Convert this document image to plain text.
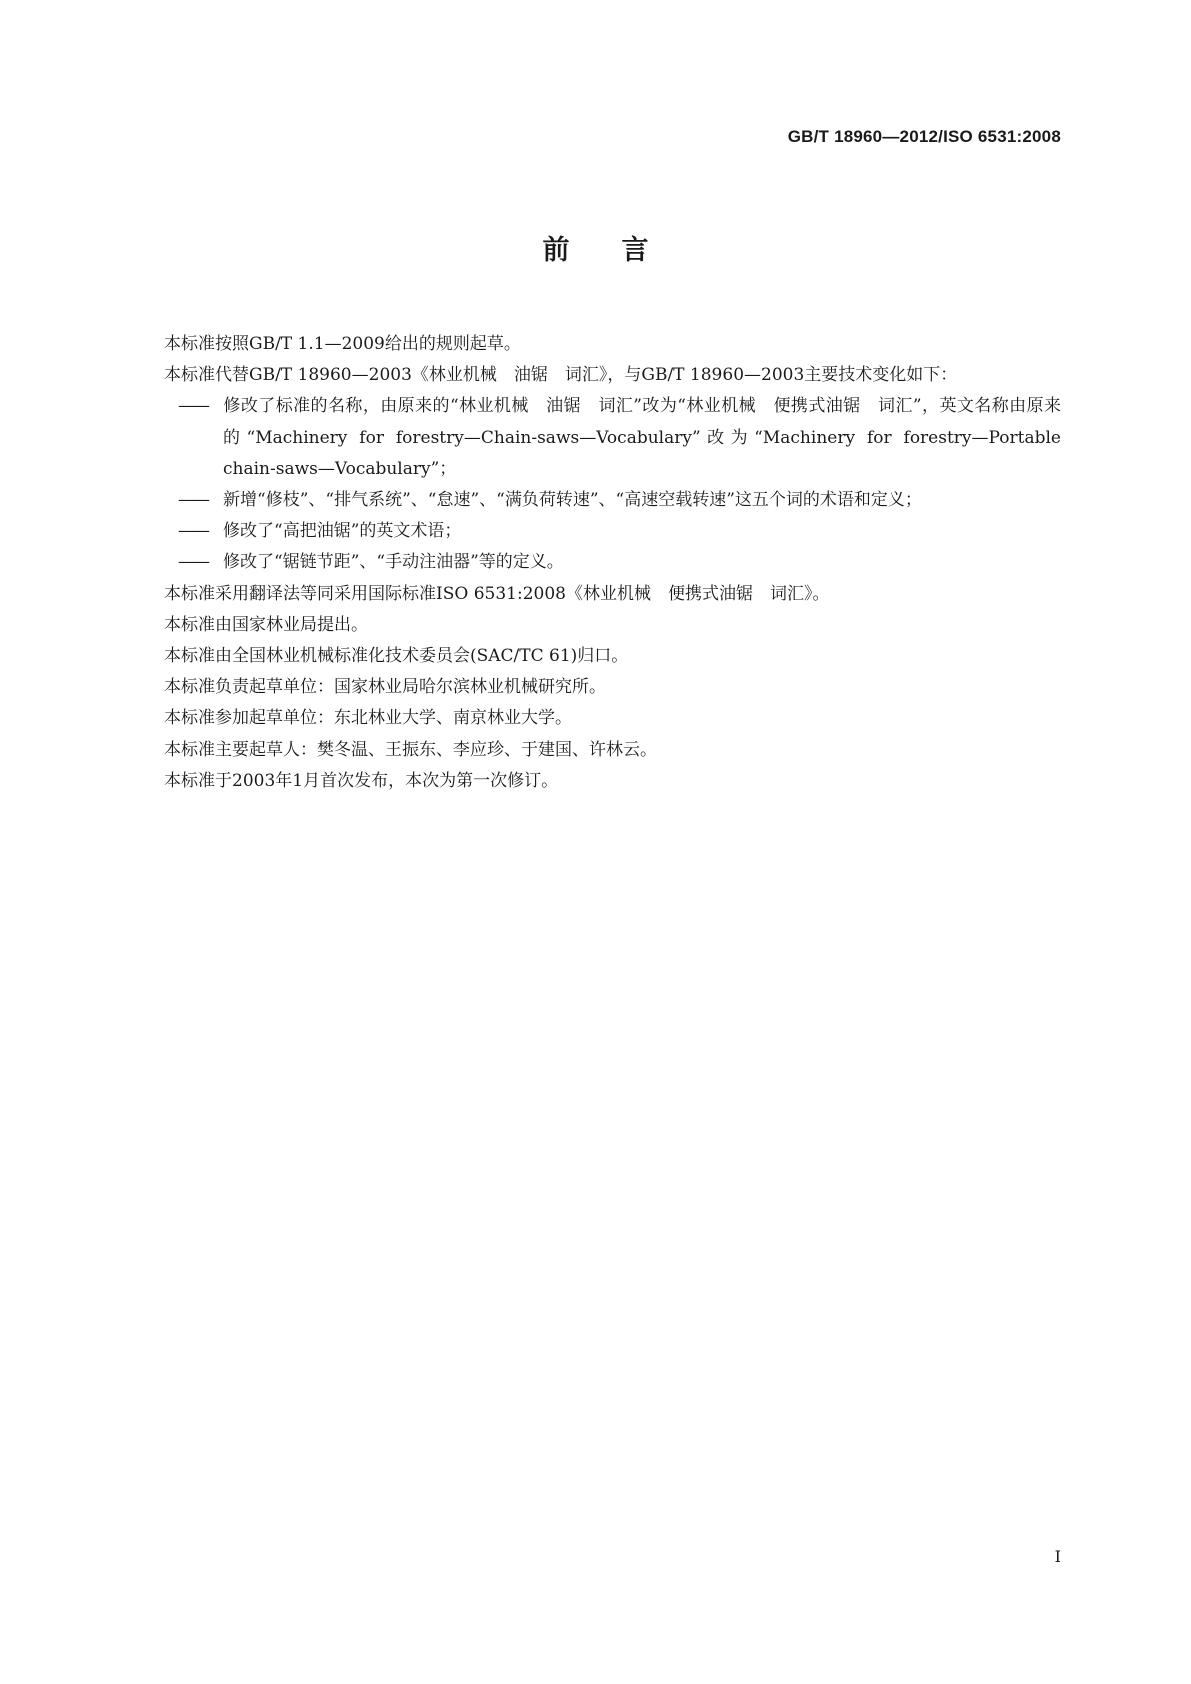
GB/T 18960—2012/ISO 6531:2008
前言

本标准按照GB/T 1.1—2009给出的规则起草。

本标准代替GB/T 18960—2003《林业机械　油锯　词汇》，与GB/T 18960—2003主要技术变化如下：

—— 修改了标准的名称，由原来的“林业机械　油锯　词汇”改为“林业机械　便携式油锯　词汇”，英文名称由原来的“Machinery for forestry—Chain-saws—Vocabulary”改为“Machinery for forestry—Portable chain-saws—Vocabulary”；

—— 新增“修枝”、“排气系统”、“怠速”、“满负荷转速”、“高速空载转速”这五个词的术语和定义；

—— 修改了“高把油锯”的英文术语；

—— 修改了“锯链节距”、“手动注油器”等的定义。

本标准采用翻译法等同采用国际标准ISO 6531:2008《林业机械　便携式油锯　词汇》。

本标准由国家林业局提出。

本标准由全国林业机械标准化技术委员会(SAC/TC 61)归口。

本标准负责起草单位：国家林业局哈尔滨林业机械研究所。

本标准参加起草单位：东北林业大学、南京林业大学。

本标准主要起草人：樊冬温、王振东、李应珍、于建国、许林云。

本标准于2003年1月首次发布，本次为第一次修订。

I
